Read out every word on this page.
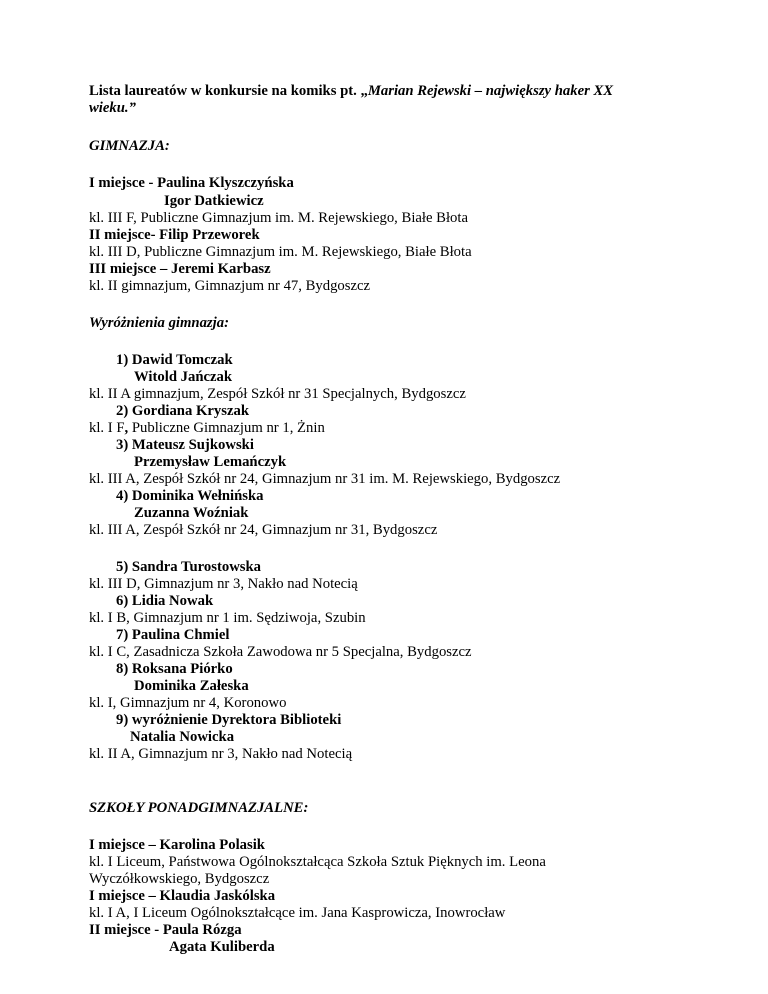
Lista laureatów w konkursie na komiks pt. „Marian Rejewski – największy haker XX
wieku.”
GIMNAZJA:
I miejsce - Paulina Klyszczyńska
Igor Datkiewicz
kl. III F, Publiczne Gimnazjum im. M. Rejewskiego, Białe Błota
II miejsce- Filip Przeworek
kl. III D, Publiczne Gimnazjum im. M. Rejewskiego, Białe Błota
III miejsce – Jeremi Karbasz
kl. II gimnazjum, Gimnazjum nr 47, Bydgoszcz
Wyróżnienia gimnazja:
1) Dawid Tomczak
Witold Jańczak
kl. II A gimnazjum, Zespół Szkół nr 31 Specjalnych, Bydgoszcz
2) Gordiana Kryszak
kl. I F, Publiczne Gimnazjum nr 1, Żnin
3) Mateusz Sujkowski
Przemysław Lemańczyk
kl. III A, Zespół Szkół nr 24, Gimnazjum nr 31 im. M. Rejewskiego, Bydgoszcz
4) Dominika Wełnińska
Zuzanna Woźniak
kl. III A, Zespół Szkół nr 24, Gimnazjum nr 31, Bydgoszcz
5) Sandra Turostowska
kl. III D, Gimnazjum nr 3, Nakło nad Notecią
6) Lidia Nowak
kl. I B, Gimnazjum nr 1 im. Sędziwoja, Szubin
7) Paulina Chmiel
kl. I C, Zasadnicza Szkoła Zawodowa nr 5 Specjalna, Bydgoszcz
8) Roksana Piórko
Dominika Załeska
kl. I, Gimnazjum nr 4, Koronowo
9) wyróżnienie Dyrektora Biblioteki
Natalia Nowicka
kl. II A, Gimnazjum nr 3, Nakło nad Notecią
SZKOŁY PONADGIMNAZJALNE:
I miejsce – Karolina Polasik
kl. I Liceum, Państwowa Ogólnokształcąca Szkoła Sztuk Pięknych im. Leona
Wyczółkowskiego, Bydgoszcz
I miejsce – Klaudia Jaskólska
kl. I A, I Liceum Ogólnokształcące im. Jana Kasprowicza, Inowrocław
II miejsce - Paula Rózga
Agata Kuliberda
